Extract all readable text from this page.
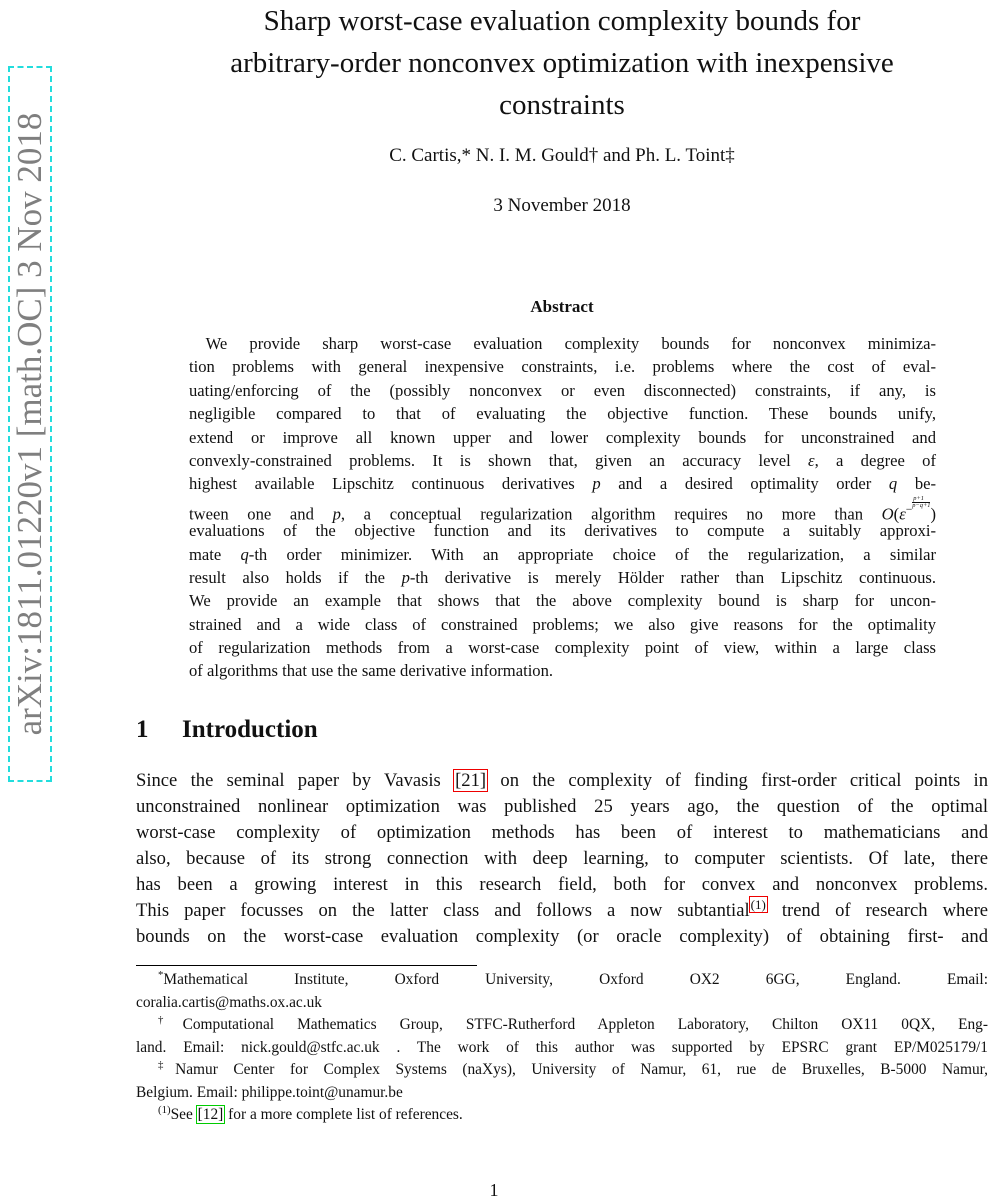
arXiv:1811.01220v1 [math.OC] 3 Nov 2018
Sharp worst-case evaluation complexity bounds for
arbitrary-order nonconvex optimization with inexpensive
constraints
C. Cartis,* N. I. M. Gould† and Ph. L. Toint‡
3 November 2018
Abstract
 We provide sharp worst-case evaluation complexity bounds for nonconvex minimiza-
tion problems with general inexpensive constraints, i.e. problems where the cost of eval-
uating/enforcing of the (possibly nonconvex or even disconnected) constraints, if any, is
negligible compared to that of evaluating the objective function. These bounds unify,
extend or improve all known upper and lower complexity bounds for unconstrained and
convexly-constrained problems. It is shown that, given an accuracy level ε, a degree of
highest available Lipschitz continuous derivatives p and a desired optimality order q be-
tween one and p, a conceptual regularization algorithm requires no more than $O(\varepsilon^{- \frac{p+1}{p-q+1}}$
)
evaluations of the objective function and its derivatives to compute a suitably approxi-
mate q-th order minimizer. With an appropriate choice of the regularization, a similar
result also holds if the p-th derivative is merely Hölder rather than Lipschitz continuous.
We provide an example that shows that the above complexity bound is sharp for uncon-
strained and a wide class of constrained problems; we also give reasons for the optimality
of regularization methods from a worst-case complexity point of view, within a large class
of algorithms that use the same derivative information.
1 Introduction
Since the seminal paper by Vavasis [21] on the complexity of finding first-order critical points in
unconstrained nonlinear optimization was published 25 years ago, the question of the optimal
worst-case complexity of optimization methods has been of interest to mathematicians and
also, because of its strong connection with deep learning, to computer scientists. Of late, there
has been a growing interest in this research field, both for convex and nonconvex problems.
This paper focusses on the latter class and follows a now subtantial$^{(1)}$ trend of research where
bounds on the worst-case evaluation complexity (or oracle complexity) of obtaining first- and
*Mathematical Institute, Oxford University, Oxford OX2 6GG, England. Email:
coralia.cartis@maths.ox.ac.uk
†Computational Mathematics Group, STFC-Rutherford Appleton Laboratory, Chilton OX11 0QX, Eng-
land. Email: nick.gould@stfc.ac.uk . The work of this author was supported by EPSRC grant EP/M025179/1
‡Namur Center for Complex Systems (naXys), University of Namur, 61, rue de Bruxelles, B-5000 Namur,
Belgium. Email: philippe.toint@unamur.be
$^{(1)}$See [12] for a more complete list of references.
1
